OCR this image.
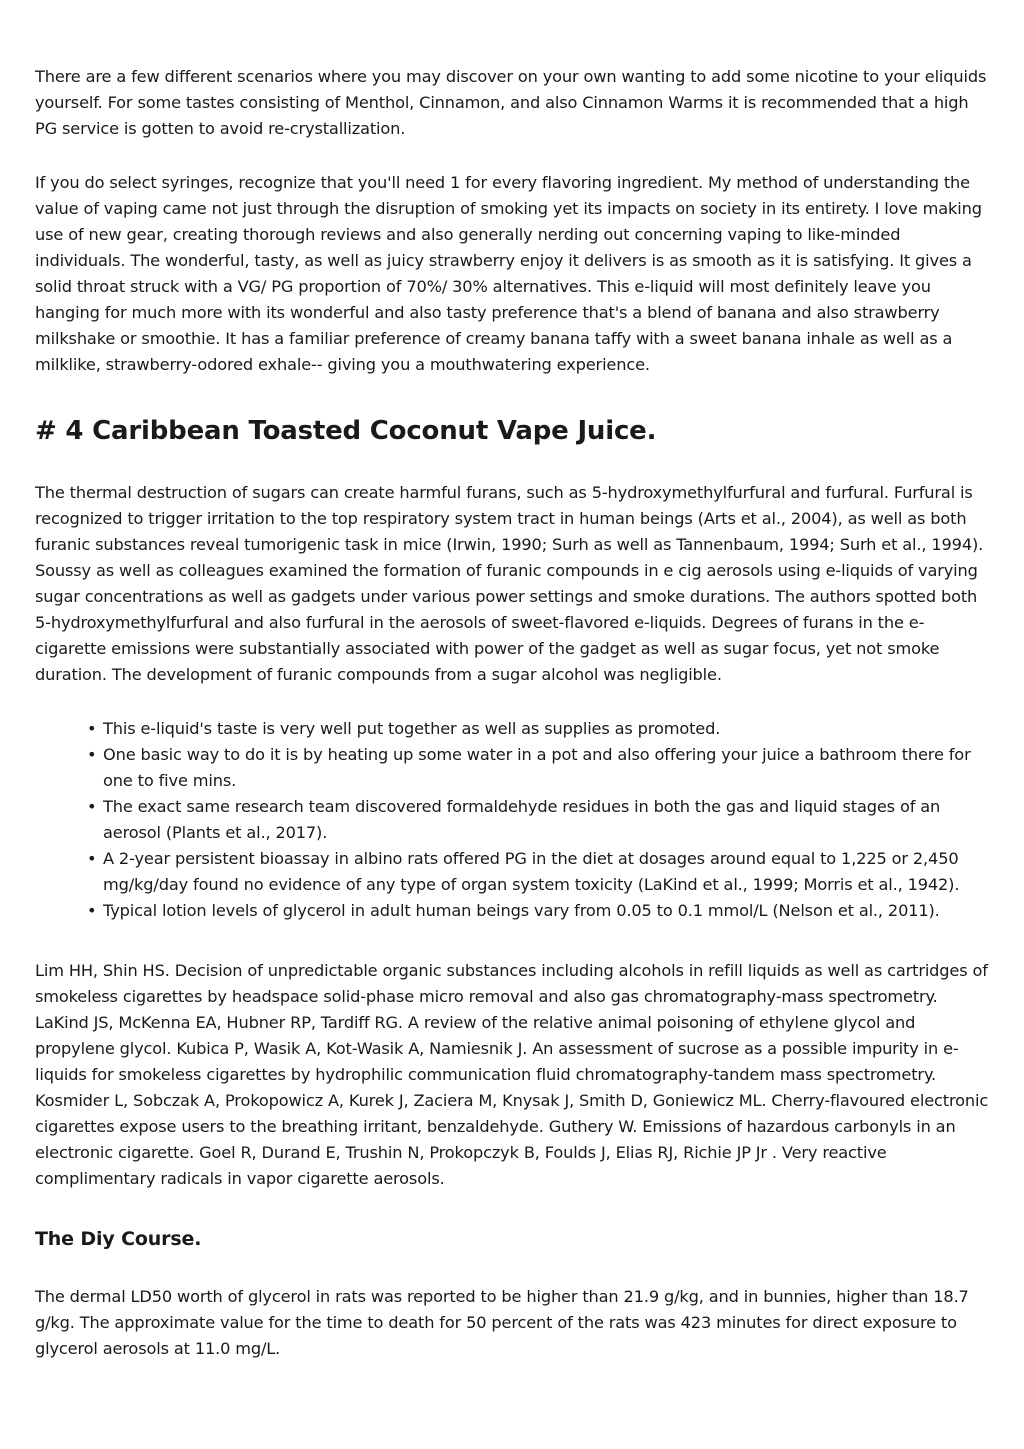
There are a few different scenarios where you may discover on your own wanting to add some nicotine to your eliquids yourself. For some tastes consisting of Menthol, Cinnamon, and also Cinnamon Warms it is recommended that a high PG service is gotten to avoid re-crystallization.

If you do select syringes, recognize that you'll need 1 for every flavoring ingredient. My method of understanding the value of vaping came not just through the disruption of smoking yet its impacts on society in its entirety. I love making use of new gear, creating thorough reviews and also generally nerding out concerning vaping to like-minded individuals. The wonderful, tasty, as well as juicy strawberry enjoy it delivers is as smooth as it is satisfying. It gives a solid throat struck with a VG/ PG proportion of 70%/ 30% alternatives. This e-liquid will most definitely leave you hanging for much more with its wonderful and also tasty preference that's a blend of banana and also strawberry milkshake or smoothie. It has a familiar preference of creamy banana taffy with a sweet banana inhale as well as a milklike, strawberry-odored exhale-- giving you a mouthwatering experience.

# 4 Caribbean Toasted Coconut Vape Juice.

The thermal destruction of sugars can create harmful furans, such as 5-hydroxymethylfurfural and furfural. Furfural is recognized to trigger irritation to the top respiratory system tract in human beings (Arts et al., 2004), as well as both furanic substances reveal tumorigenic task in mice (Irwin, 1990; Surh as well as Tannenbaum, 1994; Surh et al., 1994). Soussy as well as colleagues examined the formation of furanic compounds in e cig aerosols using e-liquids of varying sugar concentrations as well as gadgets under various power settings and smoke durations. The authors spotted both 5-hydroxymethylfurfural and also furfural in the aerosols of sweet-flavored e-liquids. Degrees of furans in the e-cigarette emissions were substantially associated with power of the gadget as well as sugar focus, yet not smoke duration. The development of furanic compounds from a sugar alcohol was negligible.

• This e-liquid's taste is very well put together as well as supplies as promoted.
• One basic way to do it is by heating up some water in a pot and also offering your juice a bathroom there for one to five mins.
• The exact same research team discovered formaldehyde residues in both the gas and liquid stages of an aerosol (Plants et al., 2017).
• A 2-year persistent bioassay in albino rats offered PG in the diet at dosages around equal to 1,225 or 2,450 mg/kg/day found no evidence of any type of organ system toxicity (LaKind et al., 1999; Morris et al., 1942).
• Typical lotion levels of glycerol in adult human beings vary from 0.05 to 0.1 mmol/L (Nelson et al., 2011).

Lim HH, Shin HS. Decision of unpredictable organic substances including alcohols in refill liquids as well as cartridges of smokeless cigarettes by headspace solid-phase micro removal and also gas chromatography-mass spectrometry. LaKind JS, McKenna EA, Hubner RP, Tardiff RG. A review of the relative animal poisoning of ethylene glycol and propylene glycol. Kubica P, Wasik A, Kot-Wasik A, Namiesnik J. An assessment of sucrose as a possible impurity in e-liquids for smokeless cigarettes by hydrophilic communication fluid chromatography-tandem mass spectrometry. Kosmider L, Sobczak A, Prokopowicz A, Kurek J, Zaciera M, Knysak J, Smith D, Goniewicz ML. Cherry-flavoured electronic cigarettes expose users to the breathing irritant, benzaldehyde. Guthery W. Emissions of hazardous carbonyls in an electronic cigarette. Goel R, Durand E, Trushin N, Prokopczyk B, Foulds J, Elias RJ, Richie JP Jr . Very reactive complimentary radicals in vapor cigarette aerosols.

The Diy Course.

The dermal LD50 worth of glycerol in rats was reported to be higher than 21.9 g/kg, and in bunnies, higher than 18.7 g/kg. The approximate value for the time to death for 50 percent of the rats was 423 minutes for direct exposure to glycerol aerosols at 11.0 mg/L.
